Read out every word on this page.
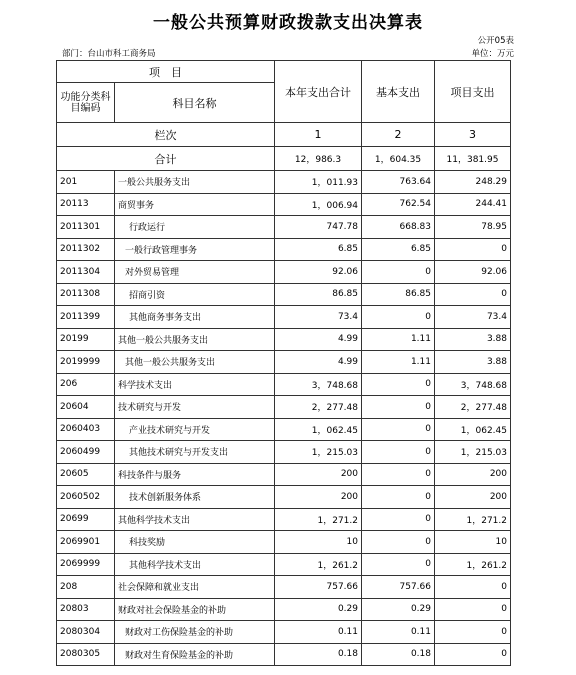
一般公共预算财政拨款支出决算表
公开05表
部门：台山市科工商务局	单位：万元
项　目		本年支出合计	基本支出	项目支出
功能分类科目编码	科目名称			

栏次		1	2	3
合计		12，986.3	1，604.35	11，381.95
201	一般公共服务支出	1，011.93	763.64	248.29
20113	商贸事务	1，006.94	762.54	244.41
2011301	行政运行	747.78	668.83	78.95
2011302	一般行政管理事务	6.85	6.85	0
2011304	对外贸易管理	92.06	0	92.06
2011308	招商引资	86.85	86.85	0
2011399	其他商务事务支出	73.4	0	73.4
20199	其他一般公共服务支出	4.99	1.11	3.88
2019999	其他一般公共服务支出	4.99	1.11	3.88
206	科学技术支出	3，748.68	0	3，748.68
20604	技术研究与开发	2，277.48	0	2，277.48
2060403	产业技术研究与开发	1，062.45	0	1，062.45
2060499	其他技术研究与开发支出	1，215.03	0	1，215.03
20605	科技条件与服务	200	0	200
2060502	技术创新服务体系	200	0	200
20699	其他科学技术支出	1，271.2	0	1，271.2
2069901	科技奖励	10	0	10
2069999	其他科学技术支出	1，261.2	0	1，261.2
208	社会保障和就业支出	757.66	757.66	0
20803	财政对社会保险基金的补助	0.29	0.29	0
2080304	财政对工伤保险基金的补助	0.11	0.11	0
2080305	财政对生育保险基金的补助	0.18	0.18	0
